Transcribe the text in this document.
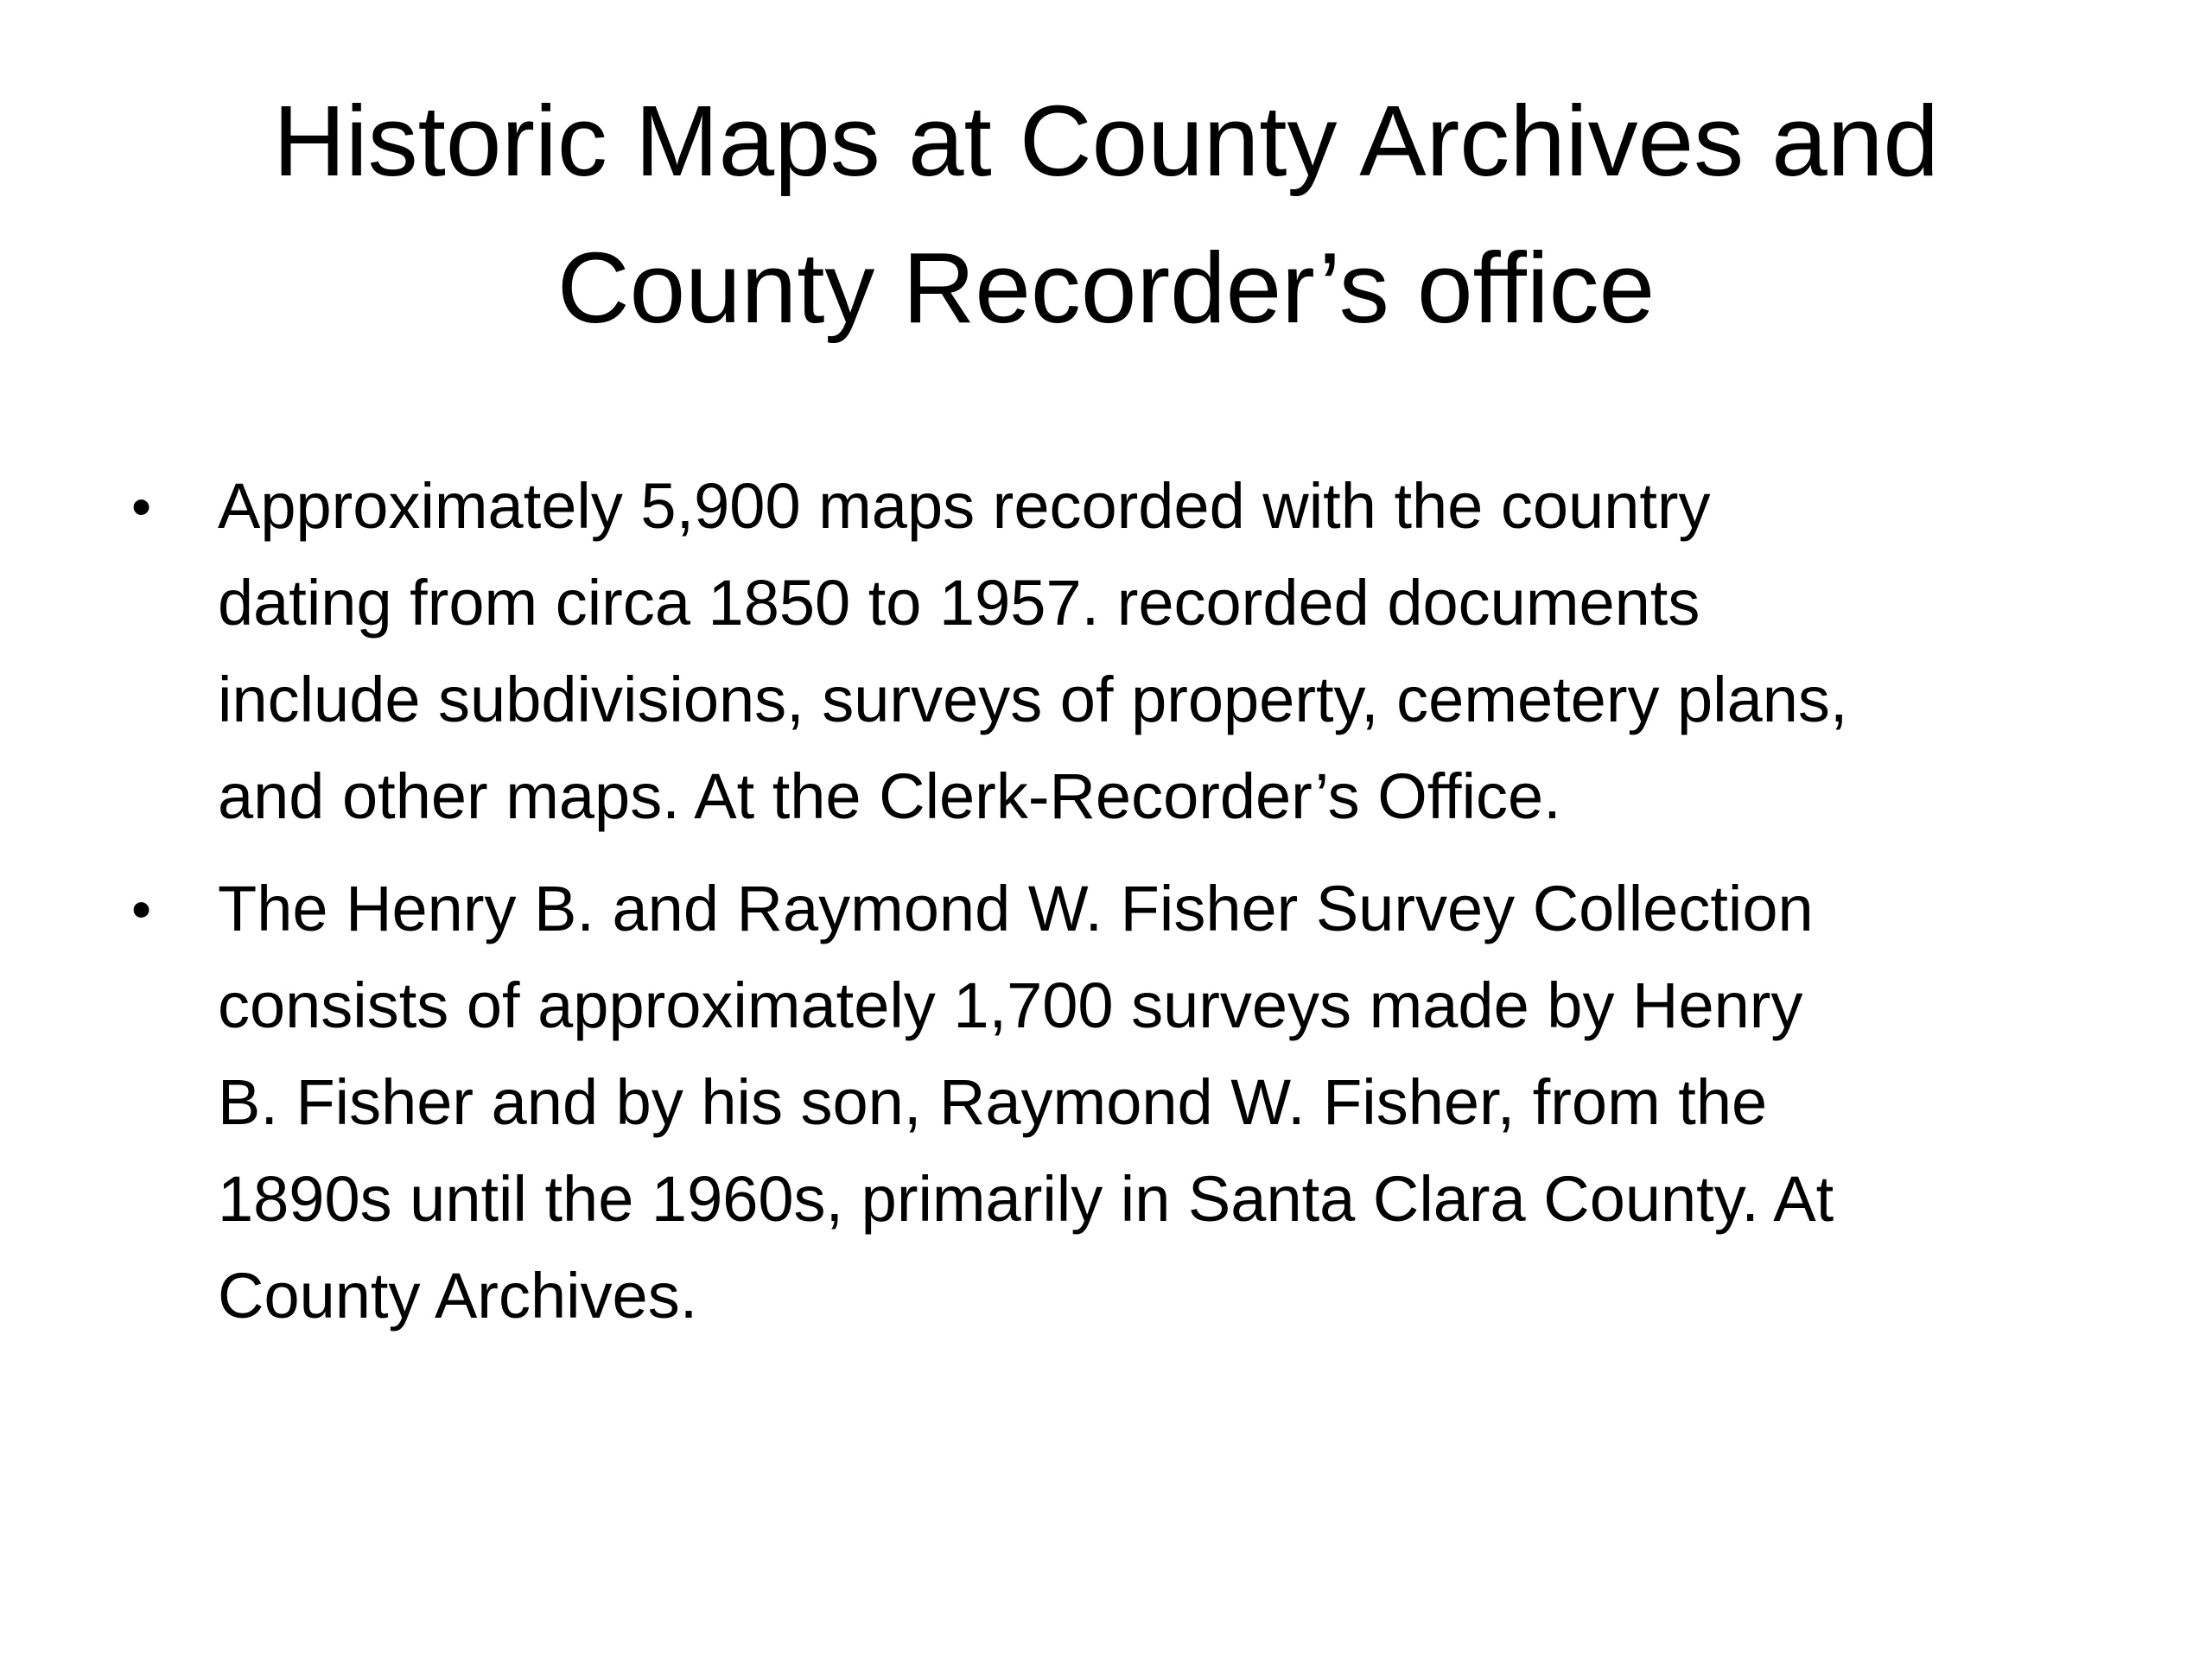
Historic Maps at County Archives and
County Recorder’s office
• Approximately 5,900 maps recorded with the country
dating from circa 1850 to 1957. recorded documents
include subdivisions, surveys of property, cemetery plans,
and other maps. At the Clerk-Recorder’s Office.
• The Henry B. and Raymond W. Fisher Survey Collection
consists of approximately 1,700 surveys made by Henry
B. Fisher and by his son, Raymond W. Fisher, from the
1890s until the 1960s, primarily in Santa Clara County. At
County Archives.
